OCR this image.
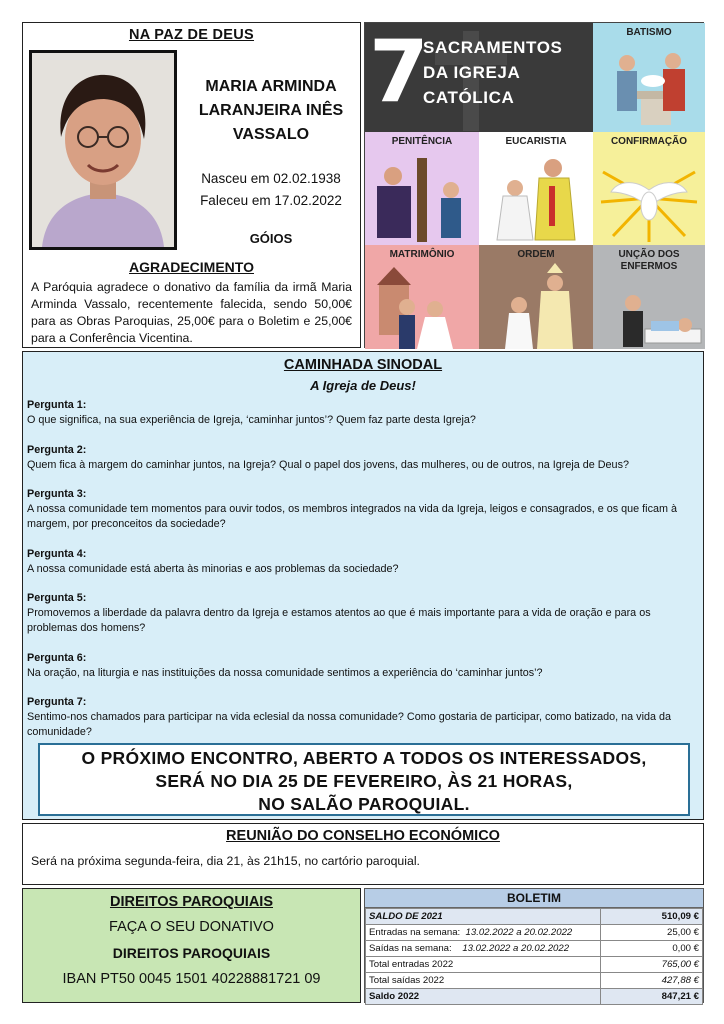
NA PAZ DE DEUS
MARIA ARMINDA
LARANJEIRA INÊS
VASSALO
Nasceu em 02.02.1938
Faleceu em 17.02.2022
GÓIOS
AGRADECIMENTO
A Paróquia agradece o donativo da família da irmã Maria Arminda Vassalo, recentemente falecida, sendo 50,00€ para as Obras Paroquias, 25,00€ para o Boletim e 25,00€ para a Conferência Vicentina.
7
SACRAMENTOS
DA IGREJA
CATÓLICA
BATISMO
PENITÊNCIA	EUCARISTIA	CONFIRMAÇÃO
MATRIMÔNIO	ORDEM	UNÇÃO DOS ENFERMOS
CAMINHADA SINODAL
A Igreja de Deus!
Pergunta 1:
O que significa, na sua experiência de Igreja, ‘caminhar juntos’? Quem faz parte desta Igreja?
Pergunta 2:
Quem fica à margem do caminhar juntos, na Igreja? Qual o papel dos jovens, das mulheres, ou de outros, na Igreja de Deus?
Pergunta 3:
A nossa comunidade tem momentos para ouvir todos, os membros integrados na vida da Igreja, leigos e consagrados, e os que ficam à margem, por preconceitos da sociedade?
Pergunta 4:
A nossa comunidade está aberta às minorias e aos problemas da sociedade?
Pergunta 5:
Promovemos a liberdade da palavra dentro da Igreja e estamos atentos ao que é mais importante para a vida de oração e para os problemas dos homens?
Pergunta 6:
Na oração, na liturgia e nas instituições da nossa comunidade sentimos a experiência do ‘caminhar juntos’?
Pergunta 7:
Sentimo-nos chamados para participar na vida eclesial da nossa comunidade? Como gostaria de participar, como batizado, na vida da comunidade?
O PRÓXIMO ENCONTRO, ABERTO A TODOS OS INTERESSADOS,
SERÁ NO DIA 25 DE FEVEREIRO, ÀS 21 HORAS,
NO SALÃO PAROQUIAL.
REUNIÃO DO CONSELHO ECONÓMICO
Será na próxima segunda-feira, dia 21, às 21h15, no cartório paroquial.
DIREITOS PAROQUIAIS
FAÇA O SEU DONATIVO
DIREITOS PAROQUIAIS
IBAN PT50 0045 1501 40228881721 09
BOLETIM
SALDO DE 2021	510,09 €
Entradas na semana: 13.02.2022 a 20.02.2022	25,00 €
Saídas na semana: 13.02.2022 a 20.02.2022	0,00 €
Total entradas 2022	765,00 €
Total saídas 2022	427,88 €
Saldo 2022	847,21 €
